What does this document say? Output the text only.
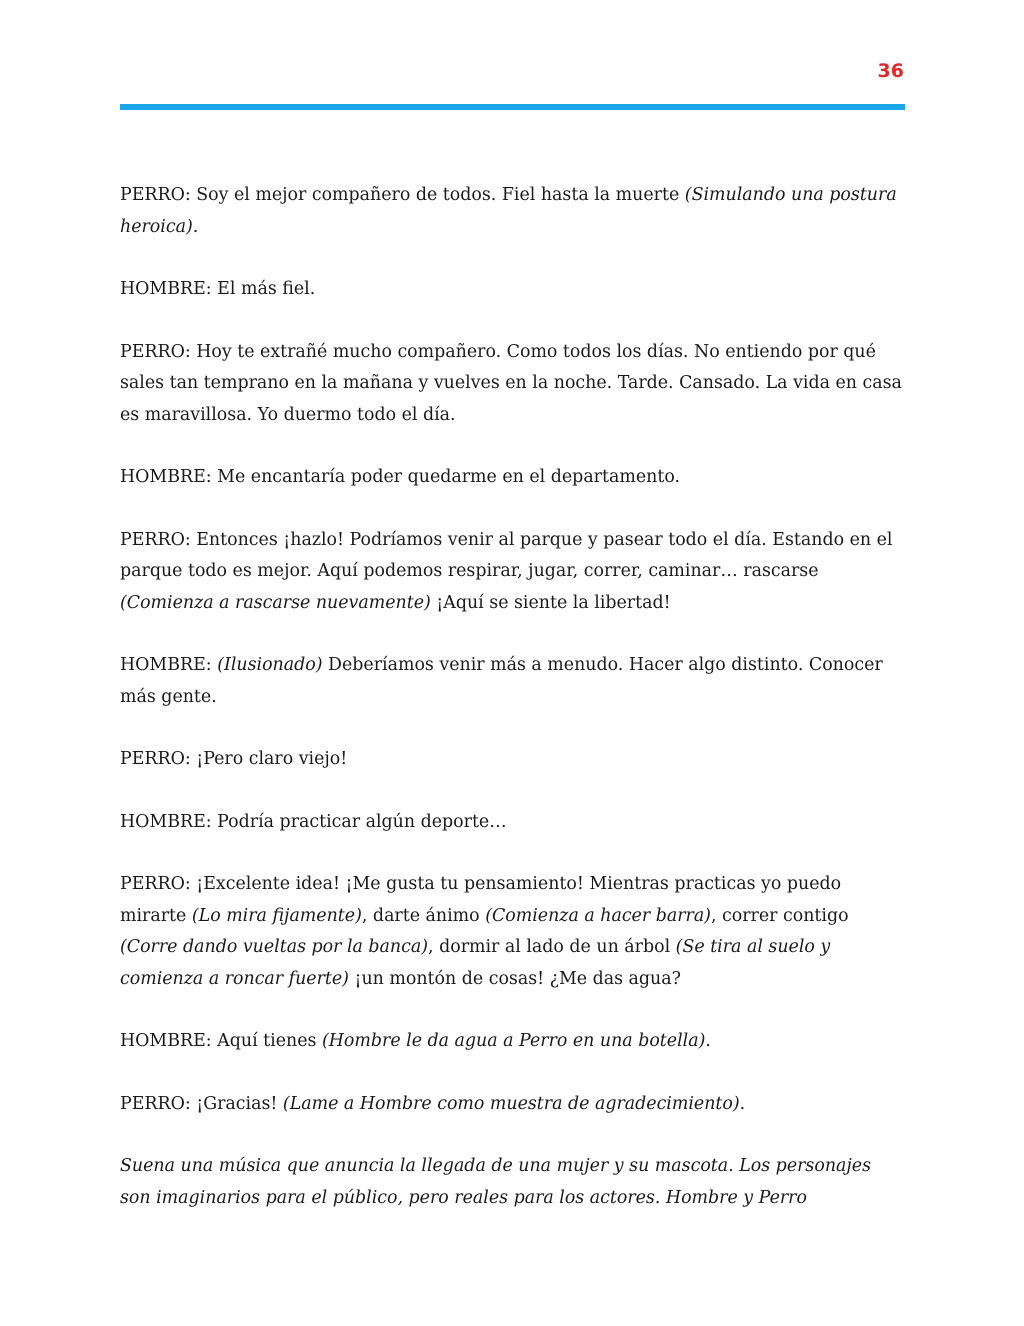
36

PERRO: Soy el mejor compañero de todos. Fiel hasta la muerte (Simulando una postura heroica).

HOMBRE: El más fiel.

PERRO: Hoy te extrañé mucho compañero. Como todos los días. No entiendo por qué sales tan temprano en la mañana y vuelves en la noche. Tarde. Cansado. La vida en casa es maravillosa. Yo duermo todo el día.

HOMBRE: Me encantaría poder quedarme en el departamento.

PERRO: Entonces ¡hazlo! Podríamos venir al parque y pasear todo el día. Estando en el parque todo es mejor. Aquí podemos respirar, jugar, correr, caminar… rascarse (Comienza a rascarse nuevamente) ¡Aquí se siente la libertad!

HOMBRE: (Ilusionado) Deberíamos venir más a menudo. Hacer algo distinto. Conocer más gente.

PERRO: ¡Pero claro viejo!

HOMBRE: Podría practicar algún deporte…

PERRO: ¡Excelente idea! ¡Me gusta tu pensamiento! Mientras practicas yo puedo mirarte (Lo mira fijamente), darte ánimo (Comienza a hacer barra), correr contigo (Corre dando vueltas por la banca), dormir al lado de un árbol (Se tira al suelo y comienza a roncar fuerte) ¡un montón de cosas! ¿Me das agua?

HOMBRE: Aquí tienes (Hombre le da agua a Perro en una botella).

PERRO: ¡Gracias! (Lame a Hombre como muestra de agradecimiento).

Suena una música que anuncia la llegada de una mujer y su mascota. Los personajes son imaginarios para el público, pero reales para los actores. Hombre y Perro
